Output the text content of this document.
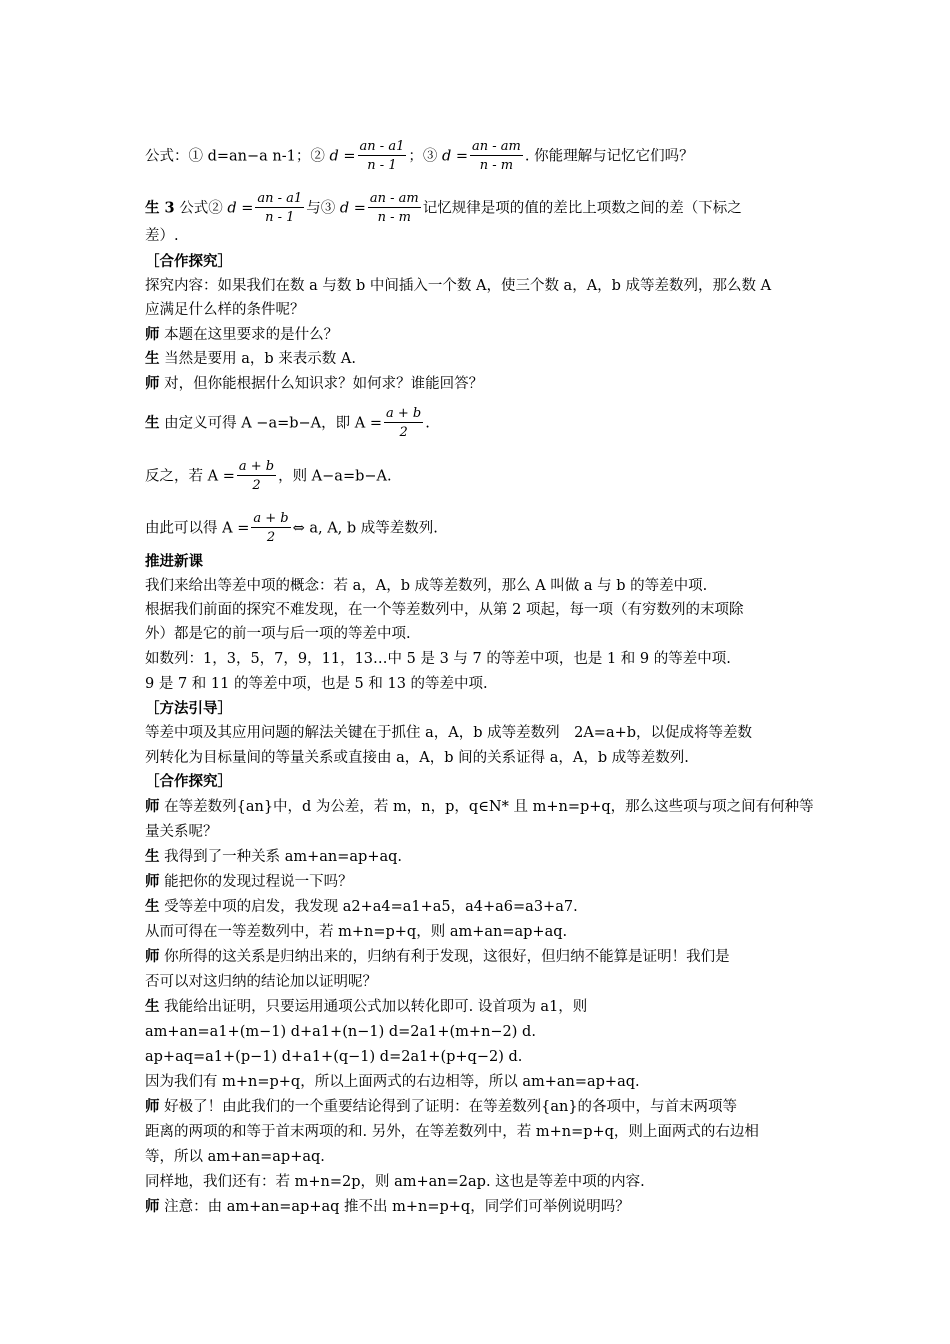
公式：① d=an−a n-1；② $d = \frac{an - a1}{n - 1}$ ；③ $d = \frac{an - am}{n - m}$ . 你能理解与记忆它们吗？
生 3 公式② $d = \frac{an - a1}{n - 1}$ 与③ $d = \frac{an - am}{n - m}$ 记忆规律是项的值的差比上项数之间的差（下标之
差）.
［合作探究］
探究内容：如果我们在数 a 与数 b 中间插入一个数 A，使三个数 a，A，b 成等差数列，那么数 A
应满足什么样的条件呢？
师 本题在这里要求的是什么？
生 当然是要用 a，b 来表示数 A.
师 对，但你能根据什么知识求？如何求？谁能回答？
生 由定义可得 A −a=b−A，即 $A = \frac{a + b}{2}$ .
反之，若 $A = \frac{a + b}{2}$ ，则 A−a=b−A.
由此可以得 $A = \frac{a + b}{2}$ ⇔ a, A, b 成等差数列.
推进新课
我们来给出等差中项的概念：若 a，A，b 成等差数列，那么 A 叫做 a 与 b 的等差中项.
根据我们前面的探究不难发现，在一个等差数列中，从第 2 项起，每一项（有穷数列的末项除
外）都是它的前一项与后一项的等差中项.
如数列：1，3，5，7，9，11，13…中 5 是 3 与 7 的等差中项，也是 1 和 9 的等差中项.
9 是 7 和 11 的等差中项，也是 5 和 13 的等差中项.
［方法引导］
等差中项及其应用问题的解法关键在于抓住 a，A，b 成等差数列　2A=a+b，以促成将等差数
列转化为目标量间的等量关系或直接由 a，A，b 间的关系证得 a，A，b 成等差数列.
［合作探究］
师 在等差数列{an}中，d 为公差，若 m，n，p，q∈N* 且 m+n=p+q，那么这些项与项之间有何种等
量关系呢？
生 我得到了一种关系 am+an=ap+aq.
师 能把你的发现过程说一下吗？
生 受等差中项的启发，我发现 a2+a4=a1+a5，a4+a6=a3+a7.
从而可得在一等差数列中，若 m+n=p+q，则 am+an=ap+aq.
师 你所得的这关系是归纳出来的，归纳有利于发现，这很好，但归纳不能算是证明！我们是
否可以对这归纳的结论加以证明呢？
生 我能给出证明，只要运用通项公式加以转化即可. 设首项为 a1，则
am+an=a1+(m−1) d+a1+(n−1) d=2a1+(m+n−2) d.
ap+aq=a1+(p−1) d+a1+(q−1) d=2a1+(p+q−2) d.
因为我们有 m+n=p+q，所以上面两式的右边相等，所以 am+an=ap+aq.
师 好极了！由此我们的一个重要结论得到了证明：在等差数列{an}的各项中，与首末两项等
距离的两项的和等于首末两项的和. 另外，在等差数列中，若 m+n=p+q，则上面两式的右边相
等，所以 am+an=ap+aq.
同样地，我们还有：若 m+n=2p，则 am+an=2ap. 这也是等差中项的内容.
师 注意：由 am+an=ap+aq 推不出 m+n=p+q，同学们可举例说明吗？
